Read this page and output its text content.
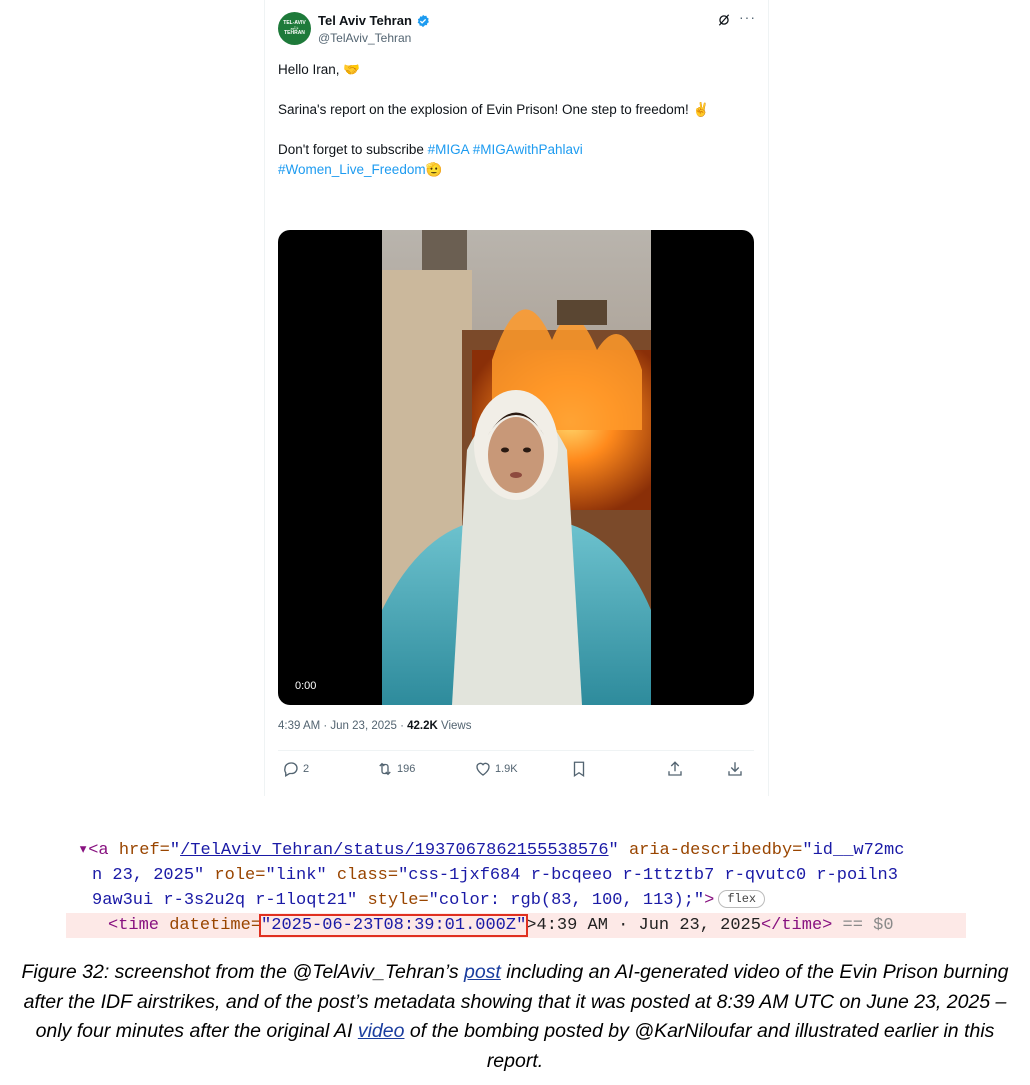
TEL-AVIV
تل‌آویو
TEHRAN
Tel Aviv Tehran
@TelAviv_Tehran
···

Hello Iran, 🤝

Sarina's report on the explosion of Evin Prison! One step to freedom! ✌️

Don't forget to subscribe #MIGA #MIGAwithPahlavi

#Women_Live_Freedom🫡

0:00
4:39 AM · Jun 23, 2025 · 42.2K Views
2	196	1.9K

▾<a href="/TelAviv_Tehran/status/1937067862155538576" aria-describedby="id__w72mc

n 23, 2025" role="link" class="css-1jxf684 r-bcqeeo r-1ttztb7 r-qvutc0 r-poiln3

9aw3ui r-3s2u2q r-1loqt21" style="color: rgb(83, 100, 113);"> flex

<time datetime="2025-06-23T08:39:01.000Z">4:39 AM · Jun 23, 2025</time> == $0

Figure 32: screenshot from the @TelAviv_Tehran’s post including an AI-generated video of the Evin Prison burning after the IDF airstrikes, and of the post’s metadata showing that it was posted at 8:39 AM UTC on June 23, 2025 – only four minutes after the original AI video of the bombing posted by @KarNiloufar and illustrated earlier in this report.
